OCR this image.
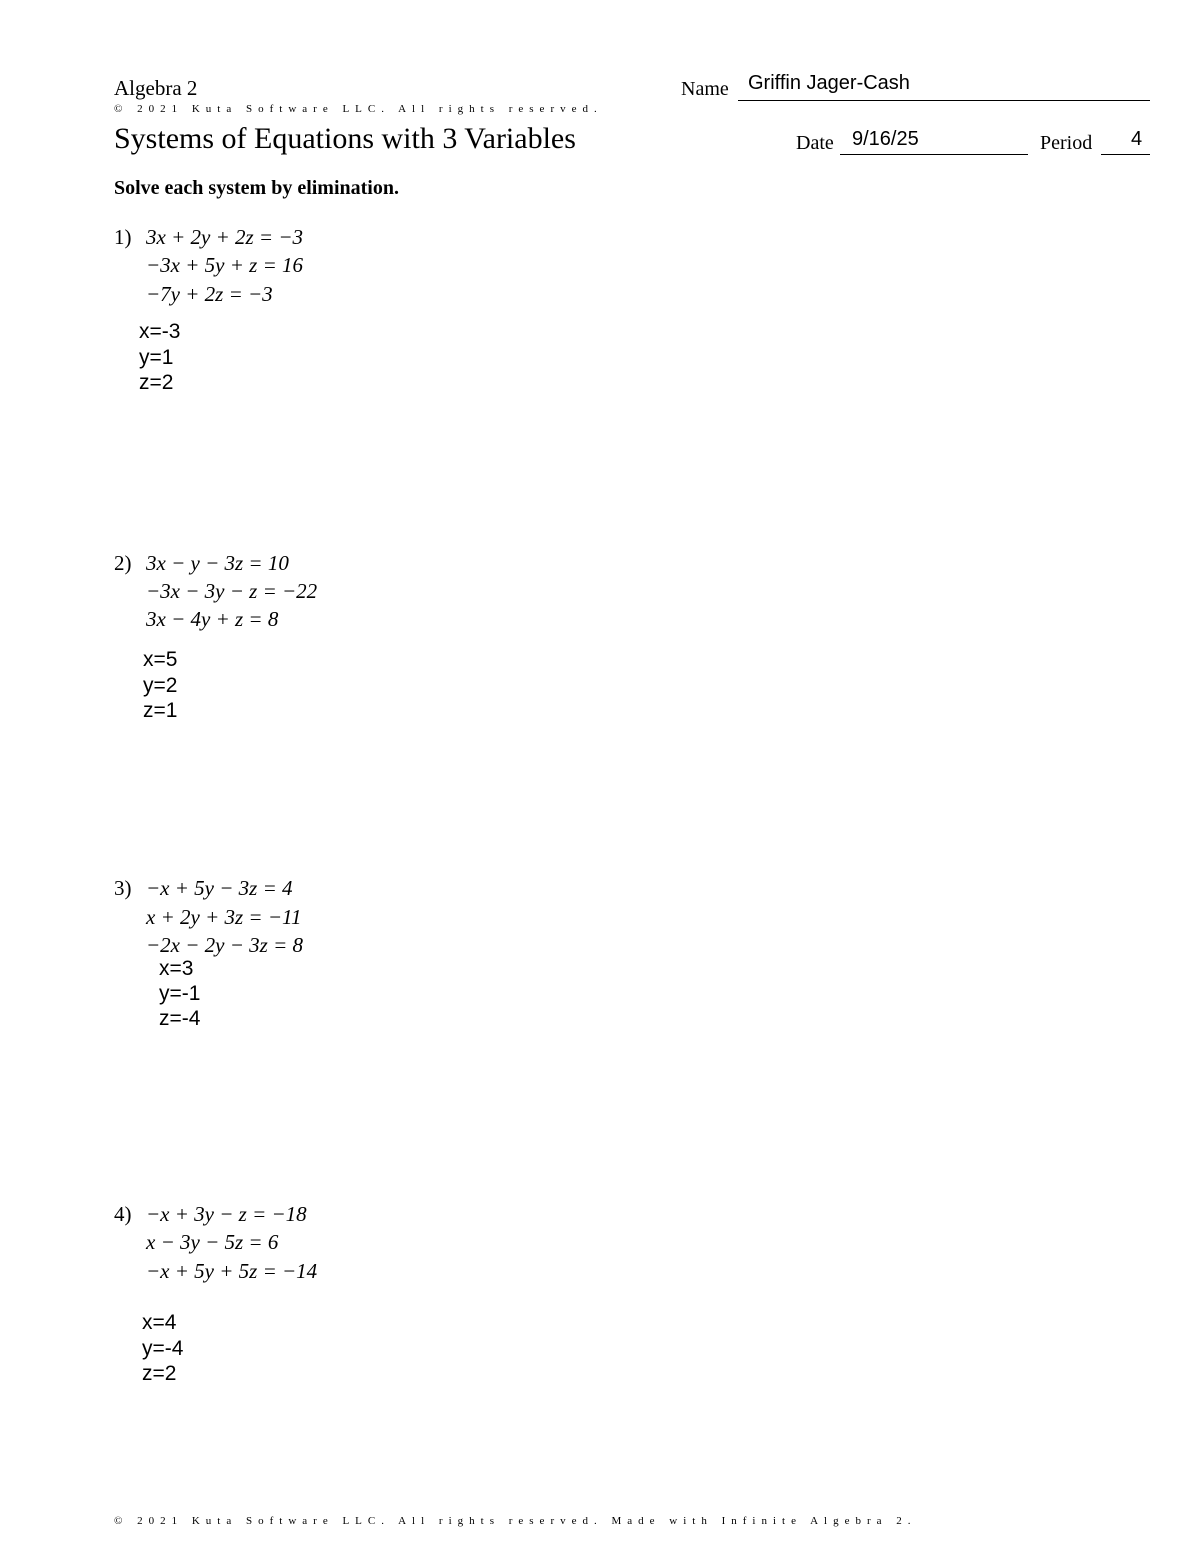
Algebra 2
© 2021 Kuta Software LLC. All rights reserved.
Systems of Equations with 3 Variables
Name Griffin Jager-Cash
Date 9/16/25	Period 4
Solve each system by elimination.
1) 3x + 2y + 2z = −3
−3x + 5y + z = 16
−7y + 2z = −3
x=-3
y=1
z=2
2) 3x − y − 3z = 10
−3x − 3y − z = −22
3x − 4y + z = 8
x=5
y=2
z=1
3) −x + 5y − 3z = 4
x + 2y + 3z = −11
−2x − 2y − 3z = 8
x=3
y=-1
z=-4
4) −x + 3y − z = −18
x − 3y − 5z = 6
−x + 5y + 5z = −14
x=4
y=-4
z=2
© 2021 Kuta Software LLC. All rights reserved. Made with Infinite Algebra 2.
